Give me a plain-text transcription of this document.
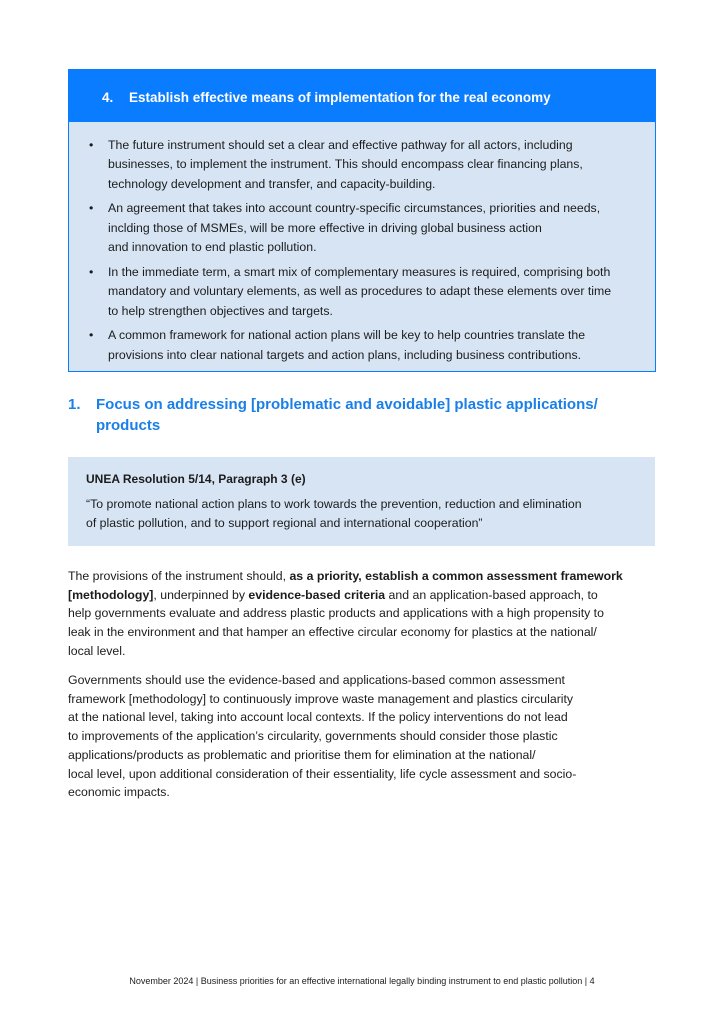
4. Establish effective means of implementation for the real economy
• The future instrument should set a clear and effective pathway for all actors, including
businesses, to implement the instrument. This should encompass clear financing plans,
technology development and transfer, and capacity-building.
• An agreement that takes into account country-specific circumstances, priorities and needs,
inclding those of MSMEs, will be more effective in driving global business action
and innovation to end plastic pollution.
• In the immediate term, a smart mix of complementary measures is required, comprising both
mandatory and voluntary elements, as well as procedures to adapt these elements over time
to help strengthen objectives and targets.
• A common framework for national action plans will be key to help countries translate the
provisions into clear national targets and action plans, including business contributions.
1. Focus on addressing [problematic and avoidable] plastic applications/
products
UNEA Resolution 5/14, Paragraph 3 (e)
“To promote national action plans to work towards the prevention, reduction and elimination
of plastic pollution, and to support regional and international cooperation”
The provisions of the instrument should, as a priority, establish a common assessment framework
[methodology], underpinned by evidence-based criteria and an application-based approach, to
help governments evaluate and address plastic products and applications with a high propensity to
leak in the environment and that hamper an effective circular economy for plastics at the national/
local level.
Governments should use the evidence-based and applications-based common assessment
framework [methodology] to continuously improve waste management and plastics circularity
at the national level, taking into account local contexts. If the policy interventions do not lead
to improvements of the application’s circularity, governments should consider those plastic
applications/products as problematic and prioritise them for elimination at the national/
local level, upon additional consideration of their essentiality, life cycle assessment and socio-
economic impacts.
November 2024 | Business priorities for an effective international legally binding instrument to end plastic pollution | 4
